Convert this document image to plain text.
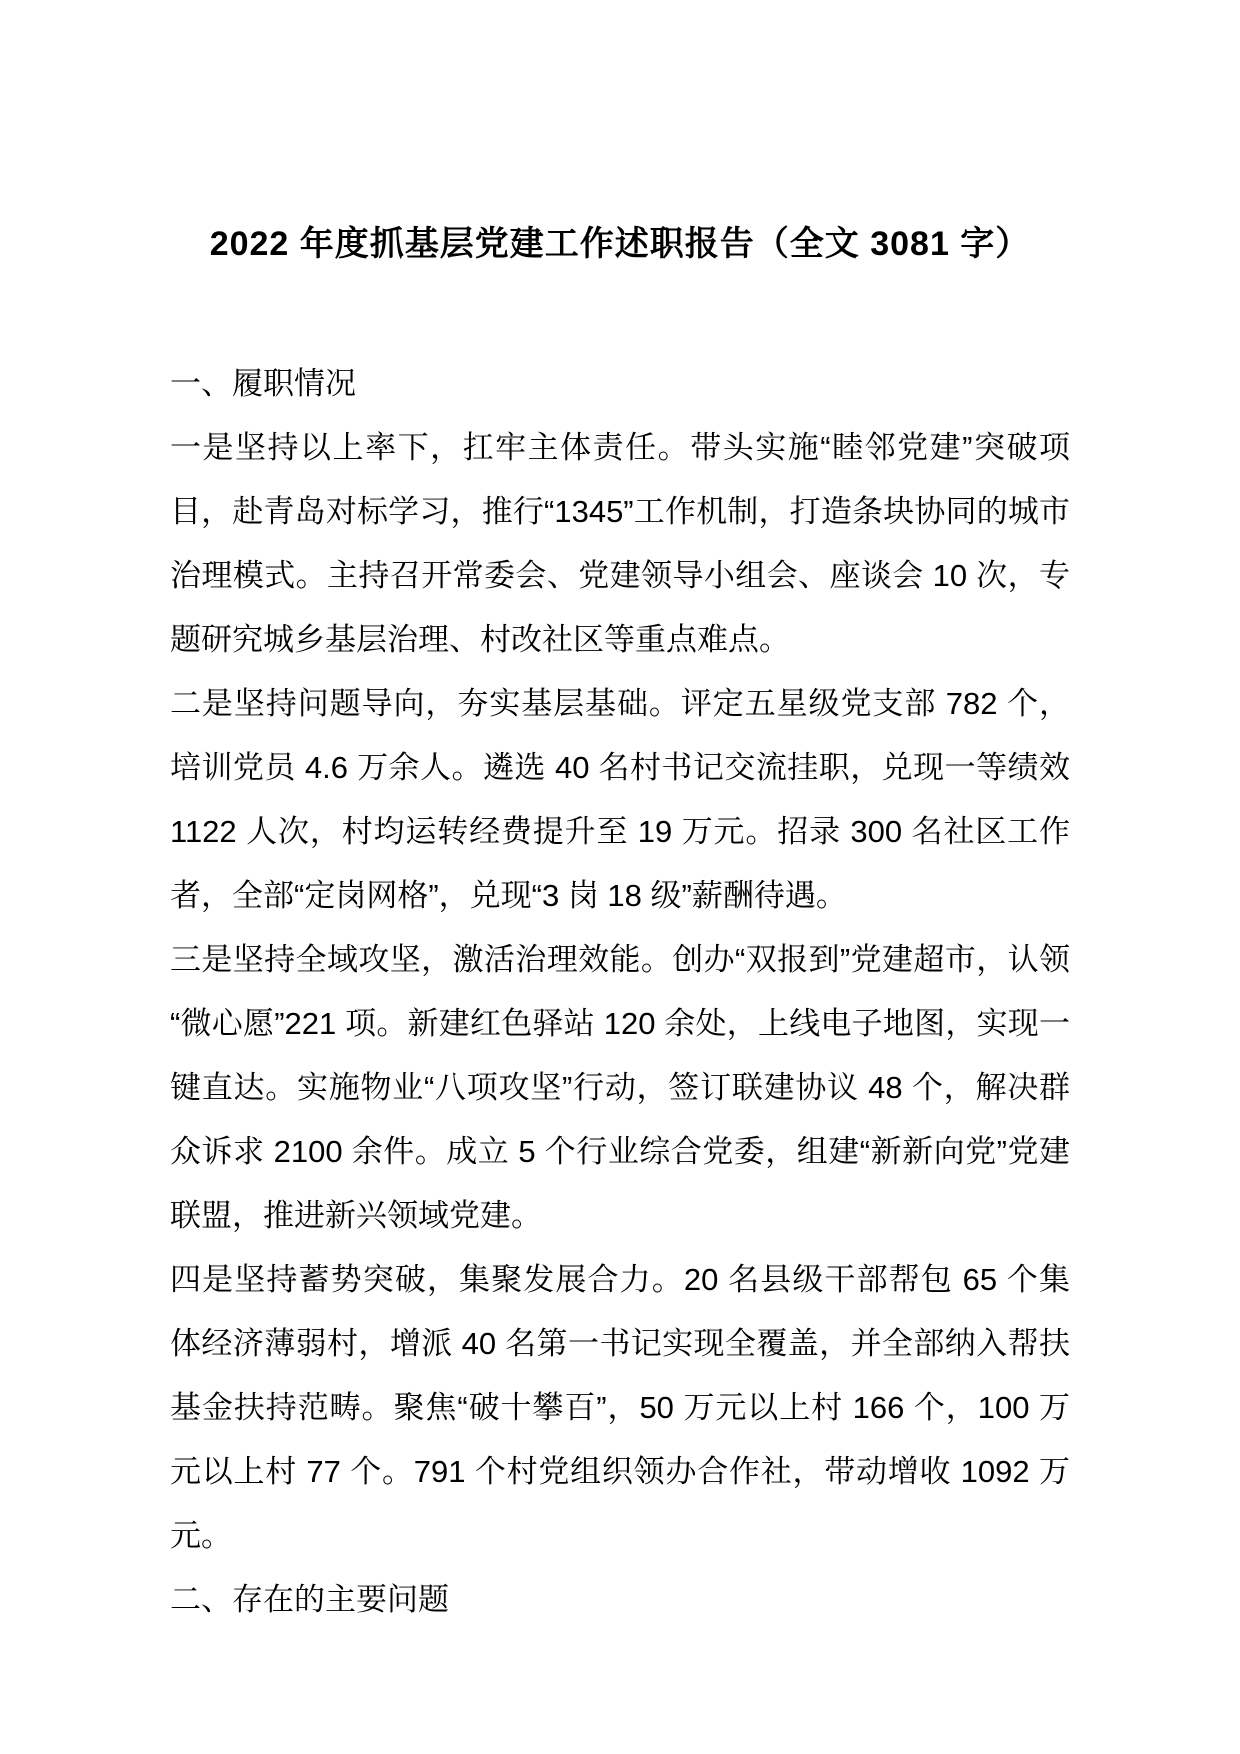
2022 年度抓基层党建工作述职报告（全文 3081 字）

一、履职情况

一是坚持以上率下，扛牢主体责任。带头实施“睦邻党建”突破项目，赴青岛对标学习，推行“1345”工作机制，打造条块协同的城市治理模式。主持召开常委会、党建领导小组会、座谈会 10 次，专题研究城乡基层治理、村改社区等重点难点。

二是坚持问题导向，夯实基层基础。评定五星级党支部 782 个，培训党员 4.6 万余人。遴选 40 名村书记交流挂职，兑现一等绩效 1122 人次，村均运转经费提升至 19 万元。招录 300 名社区工作者，全部“定岗网格”，兑现“3 岗 18 级”薪酬待遇。

三是坚持全域攻坚，激活治理效能。创办“双报到”党建超市，认领“微心愿”221 项。新建红色驿站 120 余处，上线电子地图，实现一键直达。实施物业“八项攻坚”行动，签订联建协议 48 个，解决群众诉求 2100 余件。成立 5 个行业综合党委，组建“新新向党”党建联盟，推进新兴领域党建。

四是坚持蓄势突破，集聚发展合力。20 名县级干部帮包 65 个集体经济薄弱村，增派 40 名第一书记实现全覆盖，并全部纳入帮扶基金扶持范畴。聚焦“破十攀百”，50 万元以上村 166 个，100 万元以上村 77 个。791 个村党组织领办合作社，带动增收 1092 万元。

二、存在的主要问题
